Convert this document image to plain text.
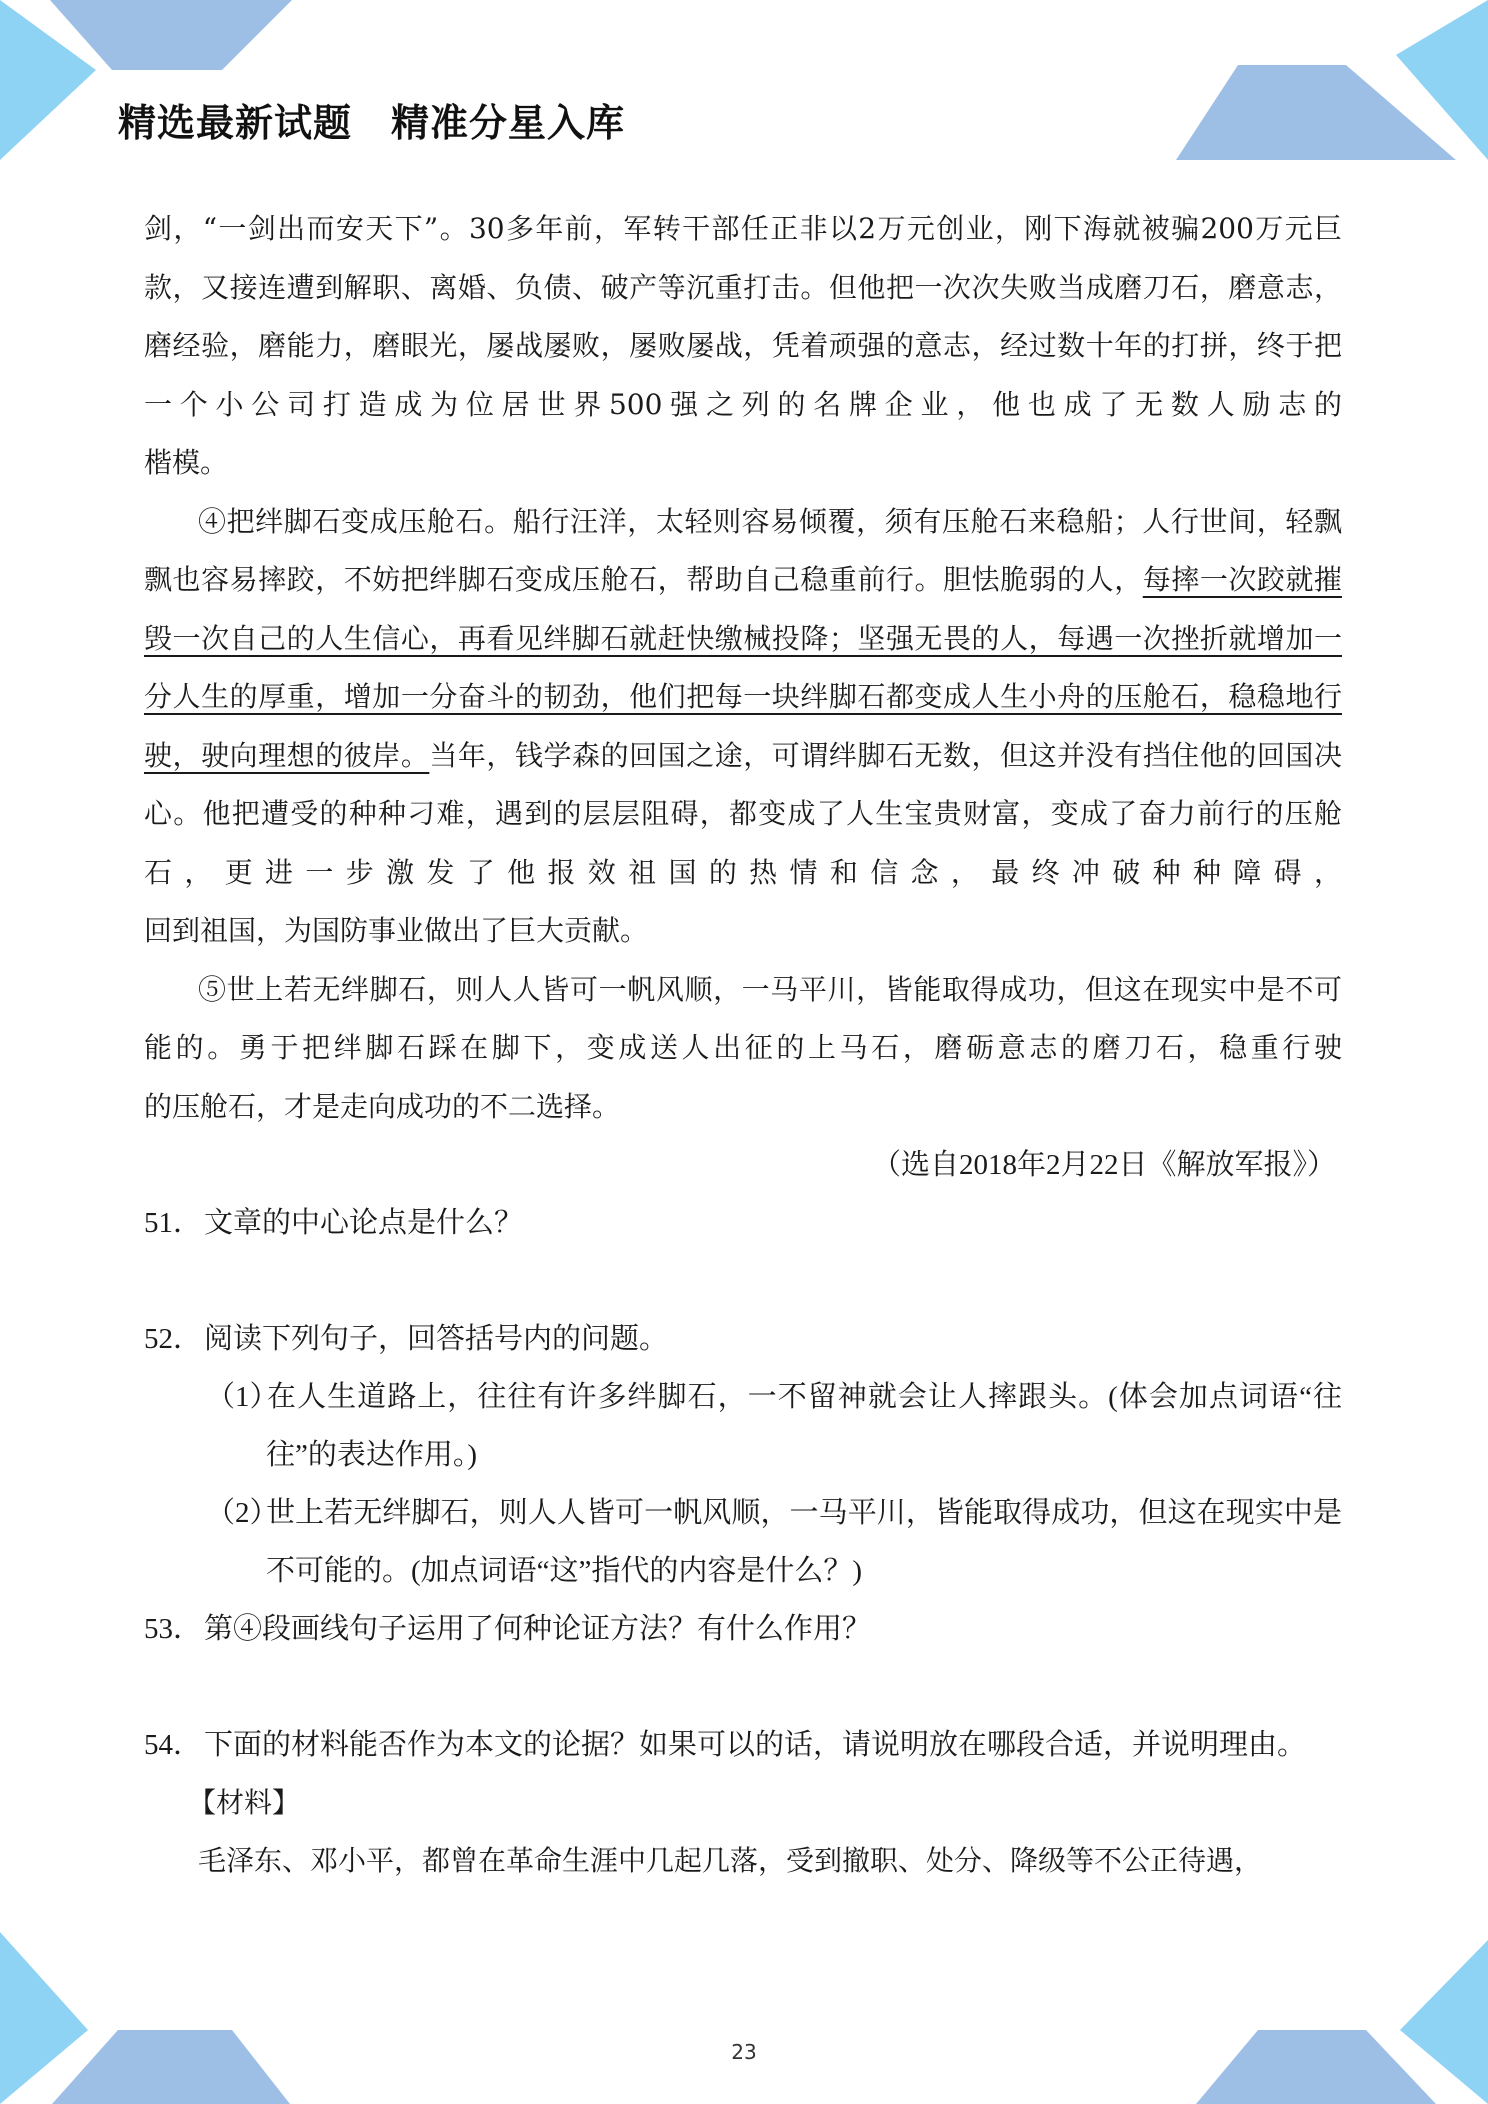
精选最新试题　精准分星入库

剑，“一剑出而安天下”。30多年前，军转干部任正非以2万元创业，刚下海就被骗200万元巨款，又接连遭到解职、离婚、负债、破产等沉重打击。但他把一次次失败当成磨刀石，磨意志，磨经验，磨能力，磨眼光，屡战屡败，屡败屡战，凭着顽强的意志，经过数十年的打拼，终于把一个小公司打造成为位居世界500强之列的名牌企业，他也成了无数人励志的

楷模。

④把绊脚石变成压舱石。船行汪洋，太轻则容易倾覆，须有压舱石来稳船；人行世间，轻飘飘也容易摔跤，不妨把绊脚石变成压舱石，帮助自己稳重前行。胆怯脆弱的人，每摔一次跤就摧毁一次自己的人生信心，再看见绊脚石就赶快缴械投降；坚强无畏的人，每遇一次挫折就增加一分人生的厚重，增加一分奋斗的韧劲，他们把每一块绊脚石都变成人生小舟的压舱石，稳稳地行驶，驶向理想的彼岸。当年，钱学森的回国之途，可谓绊脚石无数，但这并没有挡住他的回国决心。他把遭受的种种刁难，遇到的层层阻碍，都变成了人生宝贵财富，变成了奋力前行的压舱石，更进一步激发了他报效祖国的热情和信念，最终冲破种种障碍，

回到祖国，为国防事业做出了巨大贡献。

⑤世上若无绊脚石，则人人皆可一帆风顺，一马平川，皆能取得成功，但这在现实中是不可能的。勇于把绊脚石踩在脚下，变成送人出征的上马石，磨砺意志的磨刀石，稳重行驶

的压舱石，才是走向成功的不二选择。

（选自2018年2月22日《解放军报》）

51．文章的中心论点是什么？

52．阅读下列句子，回答括号内的问题。

（1）在人生道路上，往往有许多绊脚石，一不留神就会让人摔跟头。(体会加点词语“往往”的表达作用。)

（2）世上若无绊脚石，则人人皆可一帆风顺，一马平川，皆能取得成功，但这在现实中是不可能的。(加点词语“这”指代的内容是什么？)

53．第④段画线句子运用了何种论证方法？有什么作用？

54．下面的材料能否作为本文的论据？如果可以的话，请说明放在哪段合适，并说明理由。

【材料】

毛泽东、邓小平，都曾在革命生涯中几起几落，受到撤职、处分、降级等不公正待遇，

23
